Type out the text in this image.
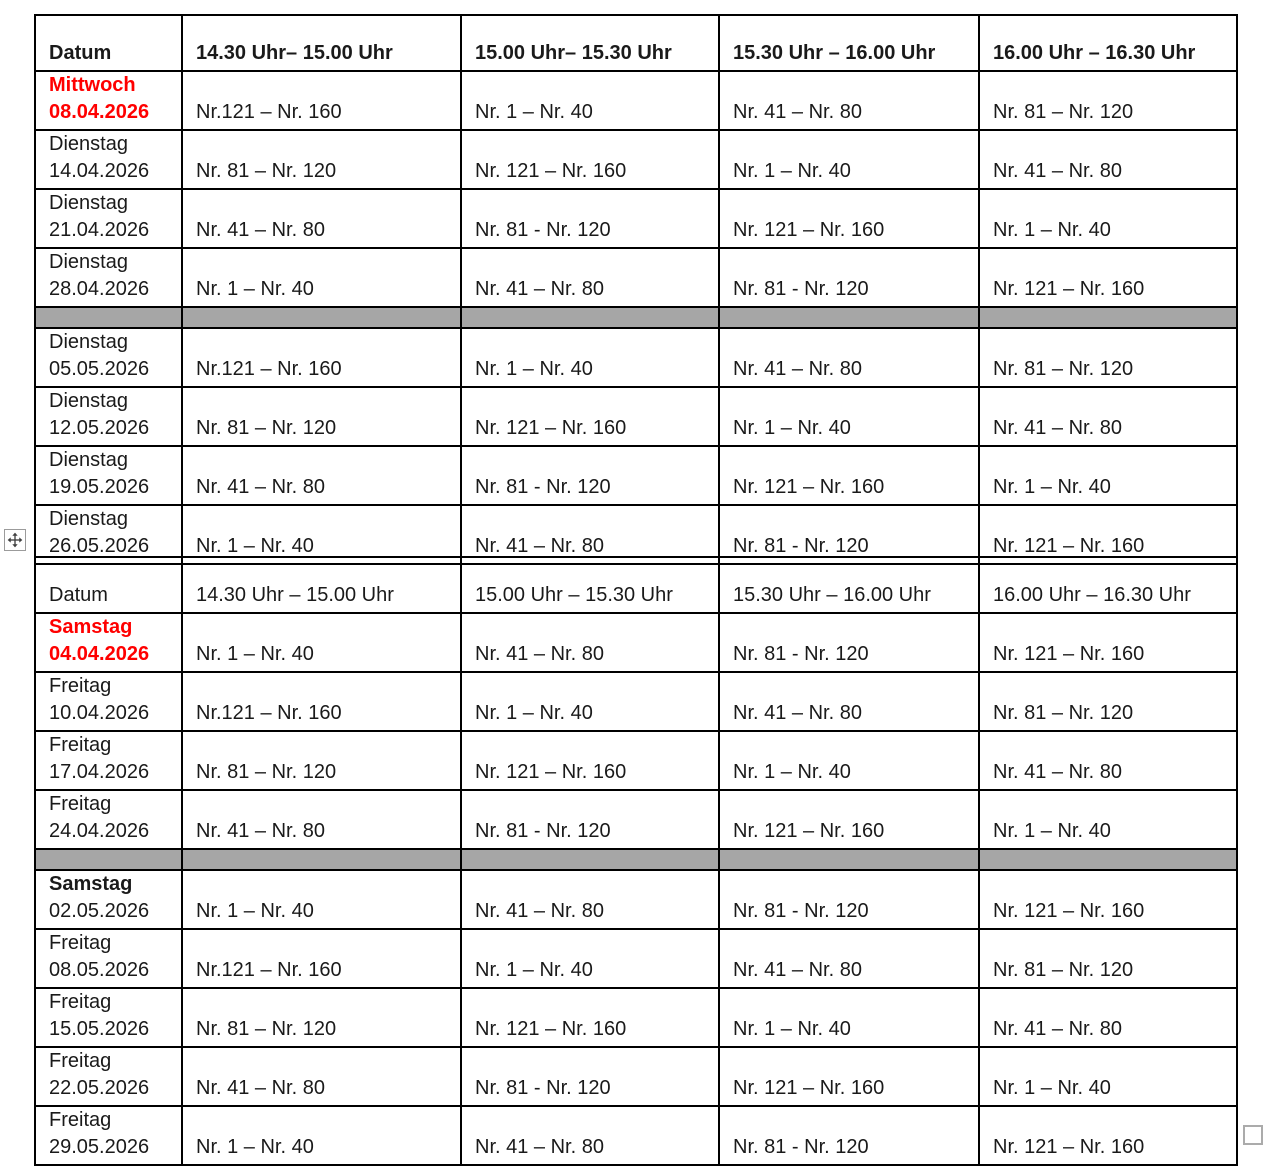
Datum	14.30 Uhr– 15.00 Uhr	15.00 Uhr– 15.30 Uhr	15.30 Uhr – 16.00 Uhr	16.00 Uhr – 16.30 Uhr

Mittwoch
08.04.2026	Nr.121 – Nr. 160	Nr. 1 – Nr. 40	Nr. 41 – Nr. 80	Nr. 81 – Nr. 120

Dienstag
14.04.2026	Nr. 81 – Nr. 120	Nr. 121 – Nr. 160	Nr. 1 – Nr. 40	Nr. 41 – Nr. 80

Dienstag
21.04.2026	Nr. 41 – Nr. 80	Nr. 81 - Nr. 120	Nr. 121 – Nr. 160	Nr. 1 – Nr. 40

Dienstag
28.04.2026	Nr. 1 – Nr. 40	Nr. 41 – Nr. 80	Nr. 81 - Nr. 120	Nr. 121 – Nr. 160

Dienstag
05.05.2026	Nr.121 – Nr. 160	Nr. 1 – Nr. 40	Nr. 41 – Nr. 80	Nr. 81 – Nr. 120

Dienstag
12.05.2026	Nr. 81 – Nr. 120	Nr. 121 – Nr. 160	Nr. 1 – Nr. 40	Nr. 41 – Nr. 80

Dienstag
19.05.2026	Nr. 41 – Nr. 80	Nr. 81 - Nr. 120	Nr. 121 – Nr. 160	Nr. 1 – Nr. 40

Dienstag
26.05.2026	Nr. 1 – Nr. 40	Nr. 41 – Nr. 80	Nr. 81 - Nr. 120	Nr. 121 – Nr. 160
Datum	14.30 Uhr – 15.00 Uhr	15.00 Uhr – 15.30 Uhr	15.30 Uhr – 16.00 Uhr	16.00 Uhr – 16.30 Uhr

Samstag
04.04.2026	Nr. 1 – Nr. 40	Nr. 41 – Nr. 80	Nr. 81 - Nr. 120	Nr. 121 – Nr. 160

Freitag
10.04.2026	Nr.121 – Nr. 160	Nr. 1 – Nr. 40	Nr. 41 – Nr. 80	Nr. 81 – Nr. 120

Freitag
17.04.2026	Nr. 81 – Nr. 120	Nr. 121 – Nr. 160	Nr. 1 – Nr. 40	Nr. 41 – Nr. 80

Freitag
24.04.2026	Nr. 41 – Nr. 80	Nr. 81 - Nr. 120	Nr. 121 – Nr. 160	Nr. 1 – Nr. 40

Samstag
02.05.2026	Nr. 1 – Nr. 40	Nr. 41 – Nr. 80	Nr. 81 - Nr. 120	Nr. 121 – Nr. 160

Freitag
08.05.2026	Nr.121 – Nr. 160	Nr. 1 – Nr. 40	Nr. 41 – Nr. 80	Nr. 81 – Nr. 120

Freitag
15.05.2026	Nr. 81 – Nr. 120	Nr. 121 – Nr. 160	Nr. 1 – Nr. 40	Nr. 41 – Nr. 80

Freitag
22.05.2026	Nr. 41 – Nr. 80	Nr. 81 - Nr. 120	Nr. 121 – Nr. 160	Nr. 1 – Nr. 40

Freitag
29.05.2026	Nr. 1 – Nr. 40	Nr. 41 – Nr. 80	Nr. 81 - Nr. 120	Nr. 121 – Nr. 160
